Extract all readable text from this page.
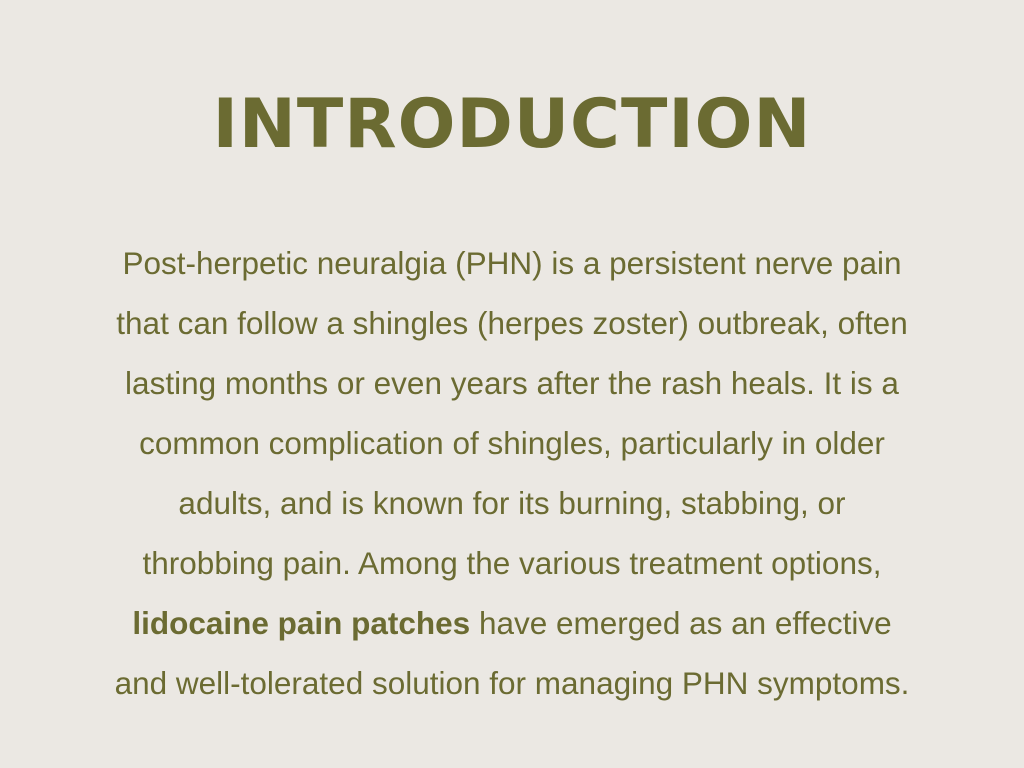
INTRODUCTION

Post-herpetic neuralgia (PHN) is a persistent nerve pain
that can follow a shingles (herpes zoster) outbreak, often
lasting months or even years after the rash heals. It is a
common complication of shingles, particularly in older
adults, and is known for its burning, stabbing, or
throbbing pain. Among the various treatment options,
lidocaine pain patches have emerged as an effective
and well-tolerated solution for managing PHN symptoms.
